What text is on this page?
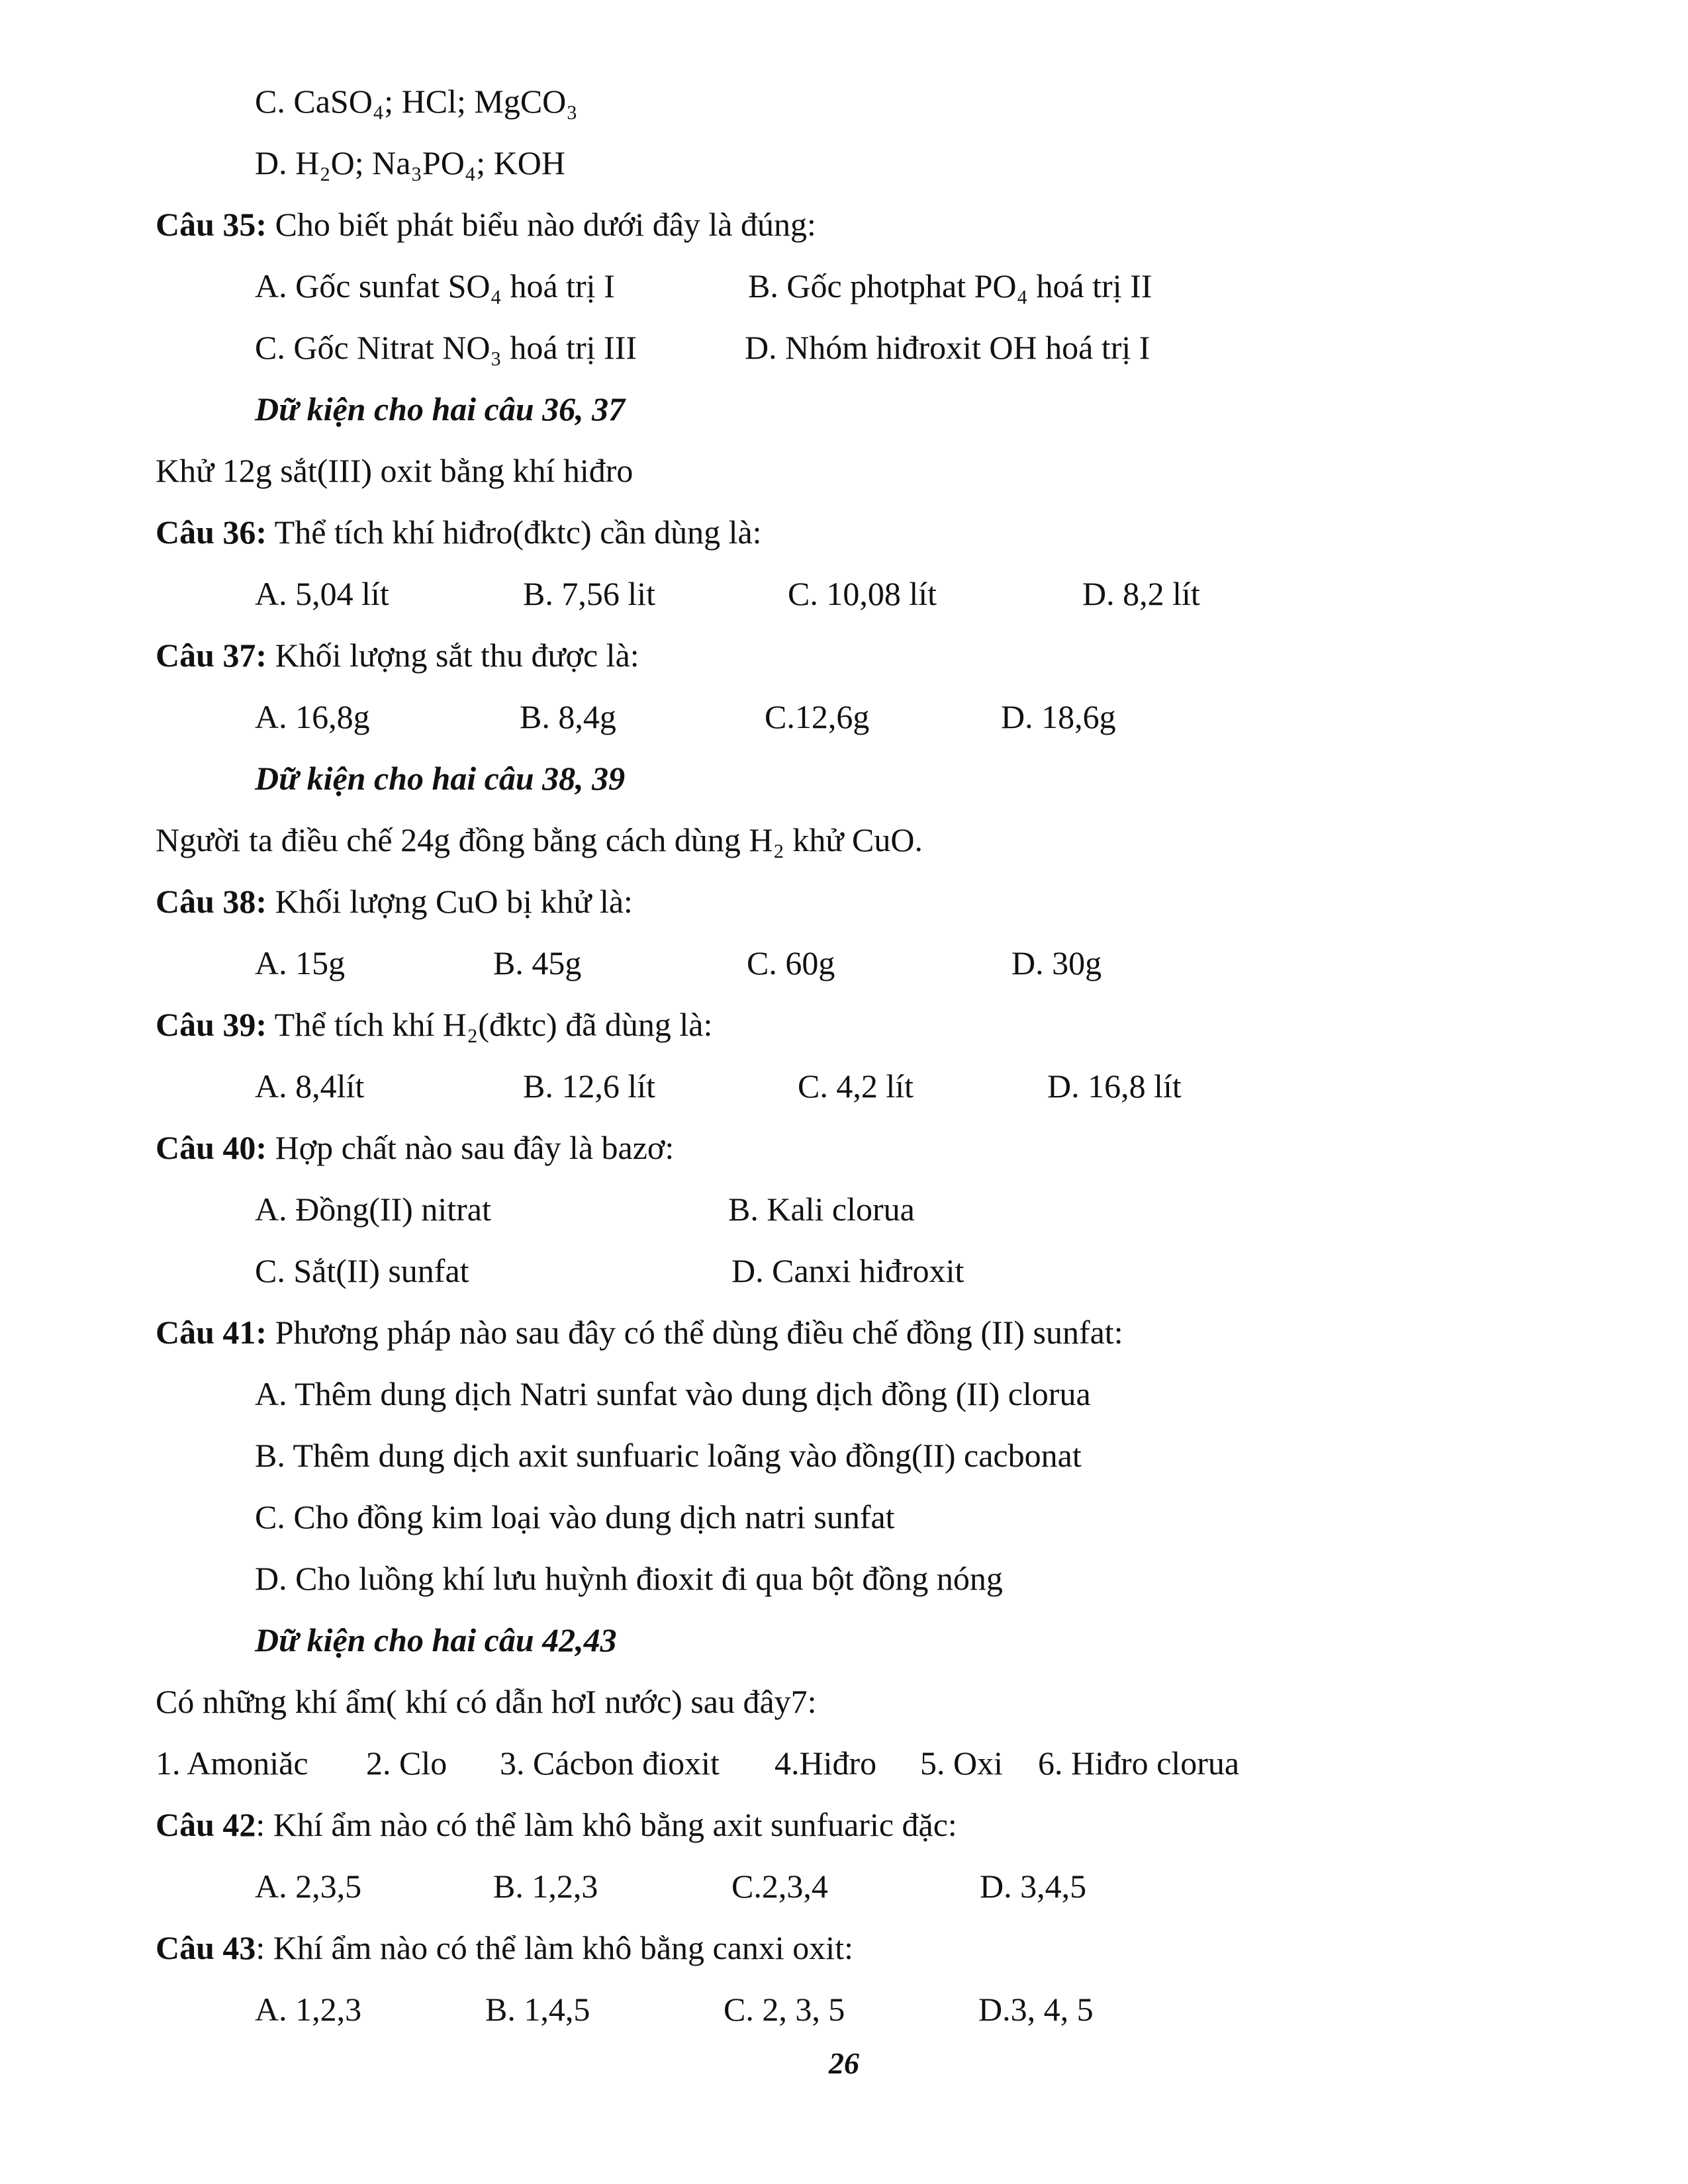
C. CaSO₄; HCl; MgCO₃
D. H₂O; Na₃PO₄; KOH
Câu 35: Cho biết phát biểu nào dưới đây là đúng:
A. Gốc sunfat SO₄ hoá trị I	B. Gốc photphat PO₄ hoá trị II
C. Gốc Nitrat NO₃ hoá trị III	D. Nhóm hiđroxit OH hoá trị I
Dữ kiện cho hai câu 36, 37
Khử 12g sắt(III) oxit bằng khí hiđro
Câu 36: Thể tích khí hiđro(đktc) cần dùng là:
A. 5,04 lít	B. 7,56 lit	C. 10,08 lít	D. 8,2 lít
Câu 37: Khối lượng sắt thu được là:
A. 16,8g	B. 8,4g	C.12,6g	D. 18,6g
Dữ kiện cho hai câu 38, 39
Người ta điều chế 24g đồng bằng cách dùng H₂ khử CuO.
Câu 38: Khối lượng CuO bị khử là:
A. 15g	B. 45g	C. 60g	D. 30g
Câu 39: Thể tích khí H₂(đktc) đã dùng là:
A. 8,4lít	B. 12,6 lít	C. 4,2 lít	D. 16,8 lít
Câu 40: Hợp chất nào sau đây là bazơ:
A. Đồng(II) nitrat	B. Kali clorua
C. Sắt(II) sunfat	D. Canxi hiđroxit
Câu 41: Phương pháp nào sau đây có thể dùng điều chế đồng (II) sunfat:
A. Thêm dung dịch Natri sunfat vào dung dịch đồng (II) clorua
B. Thêm dung dịch axit sunfuaric loãng vào đồng(II) cacbonat
C. Cho đồng kim loại vào dung dịch natri sunfat
D. Cho luồng khí lưu huỳnh đioxit đi qua bột đồng nóng
Dữ kiện cho hai câu 42,43
Có những khí ẩm( khí có dẫn hơI nước) sau đây7:
1. Amoniăc 2. Clo 3. Cácbon đioxit 4.Hiđro 5. Oxi 6. Hiđro clorua
Câu 42: Khí ẩm nào có thể làm khô bằng axit sunfuaric đặc:
A. 2,3,5	B. 1,2,3	C.2,3,4	D. 3,4,5
Câu 43: Khí ẩm nào có thể làm khô bằng canxi oxit:
A. 1,2,3	B. 1,4,5	C. 2, 3, 5	D.3, 4, 5
26
